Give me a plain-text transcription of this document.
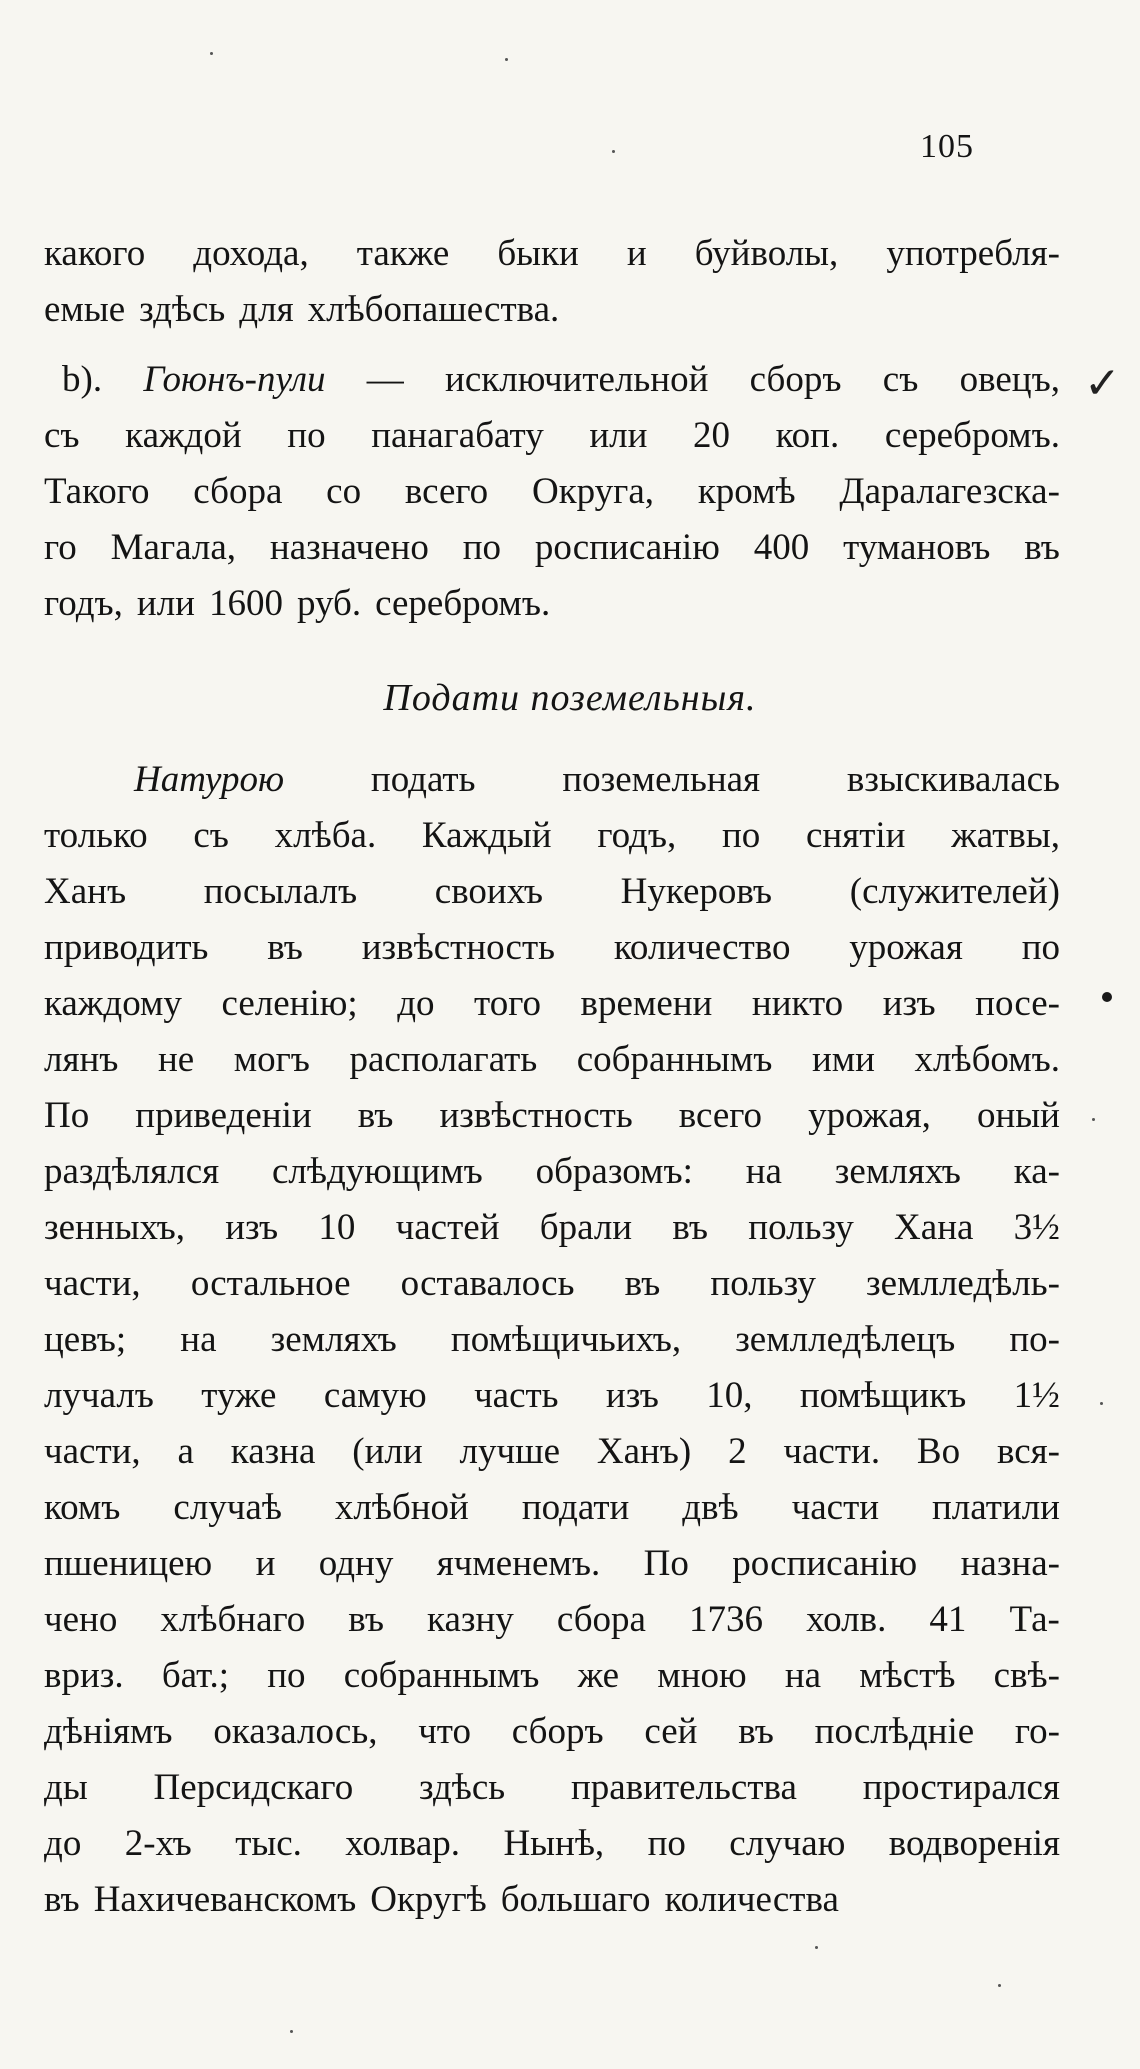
105
какого дохода, также быки и буйволы, употребля-
емые здѣсь для хлѣбопашества.
b). Гоюнъ-пули — исключительной сборъ съ овецъ,
съ каждой по панагабату или 20 коп. серебромъ.
Такого сбора со всего Округа, кромѣ Даралагезска-
го Магала, назначено по росписанію 400 тумановъ въ
годъ, или 1600 руб. серебромъ.
Подати поземельныя.
Натурою подать поземельная взыскивалась
только съ хлѣба. Каждый годъ, по снятіи жатвы,
Ханъ посылалъ своихъ Нукеровъ (служителей)
приводить въ извѣстность количество урожая по
каждому селенію; до того времени никто изъ посе-
лянъ не могъ располагать собраннымъ ими хлѣбомъ.
По приведеніи въ извѣстность всего урожая, оный
раздѣлялся слѣдующимъ образомъ: на земляхъ ка-
зенныхъ, изъ 10 частей брали въ пользу Хана 3½
части, остальное оставалось въ пользу землледѣль-
цевъ; на земляхъ помѣщичьихъ, землледѣлецъ по-
лучалъ туже самую часть изъ 10, помѣщикъ 1½
части, а казна (или лучше Ханъ) 2 части. Во вся-
комъ случаѣ хлѣбной подати двѣ части платили
пшеницею и одну ячменемъ. По росписанію назна-
чено хлѣбнаго въ казну сбора 1736 холв. 41 Та-
вриз. бат.; по собраннымъ же мною на мѣстѣ свѣ-
дѣніямъ оказалось, что сборъ сей въ послѣдніе го-
ды Персидскаго здѣсь правительства простирался
до 2-хъ тыс. холвар. Нынѣ, по случаю водворенія
въ Нахичеванскомъ Округѣ большаго количества
✓
